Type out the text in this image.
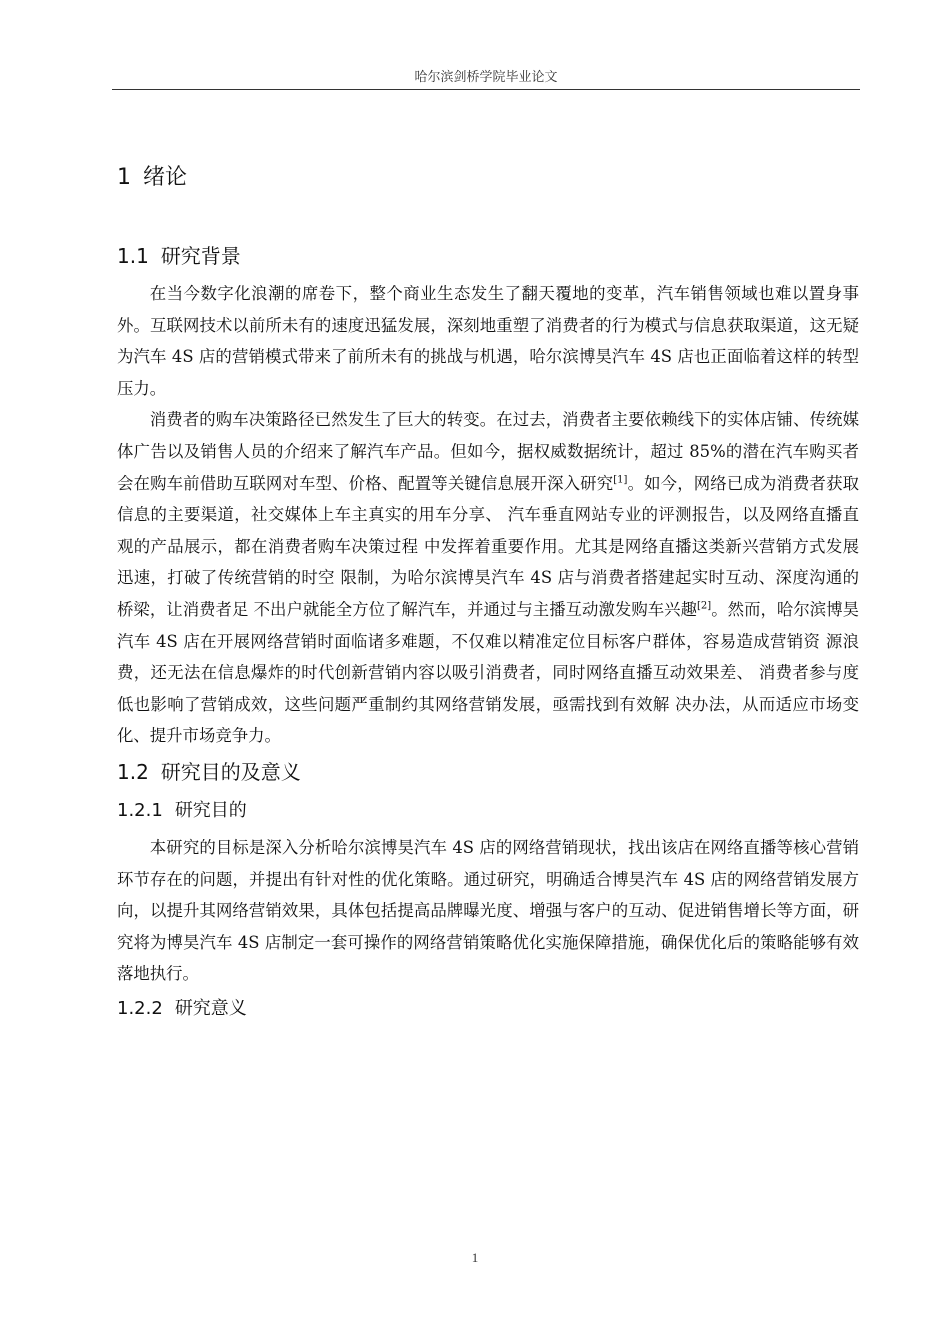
哈尔滨剑桥学院毕业论文
1 绪论
1.1 研究背景

在当今数字化浪潮的席卷下，整个商业生态发生了翻天覆地的变革，汽车销售领域也难以置身事外。互联网技术以前所未有的速度迅猛发展，深刻地重塑了消费者的行为模式与信息获取渠道，这无疑为汽车 4S 店的营销模式带来了前所未有的挑战与机遇，哈尔滨博昊汽车 4S 店也正面临着这样的转型压力。

消费者的购车决策路径已然发生了巨大的转变。在过去，消费者主要依赖线下的实体店铺、传统媒体广告以及销售人员的介绍来了解汽车产品。但如今，据权威数据统计，超过 85%的潜在汽车购买者会在购车前借助互联网对车型、价格、配置等关键信息展开深入研究[1]。如今，网络已成为消费者获取信息的主要渠道，社交媒体上车主真实的用车分享、 汽车垂直网站专业的评测报告，以及网络直播直观的产品展示，都在消费者购车决策过程 中发挥着重要作用。尤其是网络直播这类新兴营销方式发展迅速，打破了传统营销的时空 限制，为哈尔滨博昊汽车 4S 店与消费者搭建起实时互动、深度沟通的桥梁，让消费者足 不出户就能全方位了解汽车，并通过与主播互动激发购车兴趣[2]。然而，哈尔滨博昊汽车 4S 店在开展网络营销时面临诸多难题，不仅难以精准定位目标客户群体，容易造成营销资 源浪费，还无法在信息爆炸的时代创新营销内容以吸引消费者，同时网络直播互动效果差、 消费者参与度低也影响了营销成效，这些问题严重制约其网络营销发展，亟需找到有效解 决办法，从而适应市场变化、提升市场竞争力。

1.2 研究目的及意义
1.2.1 研究目的

本研究的目标是深入分析哈尔滨博昊汽车 4S 店的网络营销现状，找出该店在网络直播等核心营销环节存在的问题，并提出有针对性的优化策略。通过研究，明确适合博昊汽车 4S 店的网络营销发展方向，以提升其网络营销效果，具体包括提高品牌曝光度、增强与客户的互动、促进销售增长等方面，研究将为博昊汽车 4S 店制定一套可操作的网络营销策略优化实施保障措施，确保优化后的策略能够有效落地执行。

1.2.2 研究意义
1
